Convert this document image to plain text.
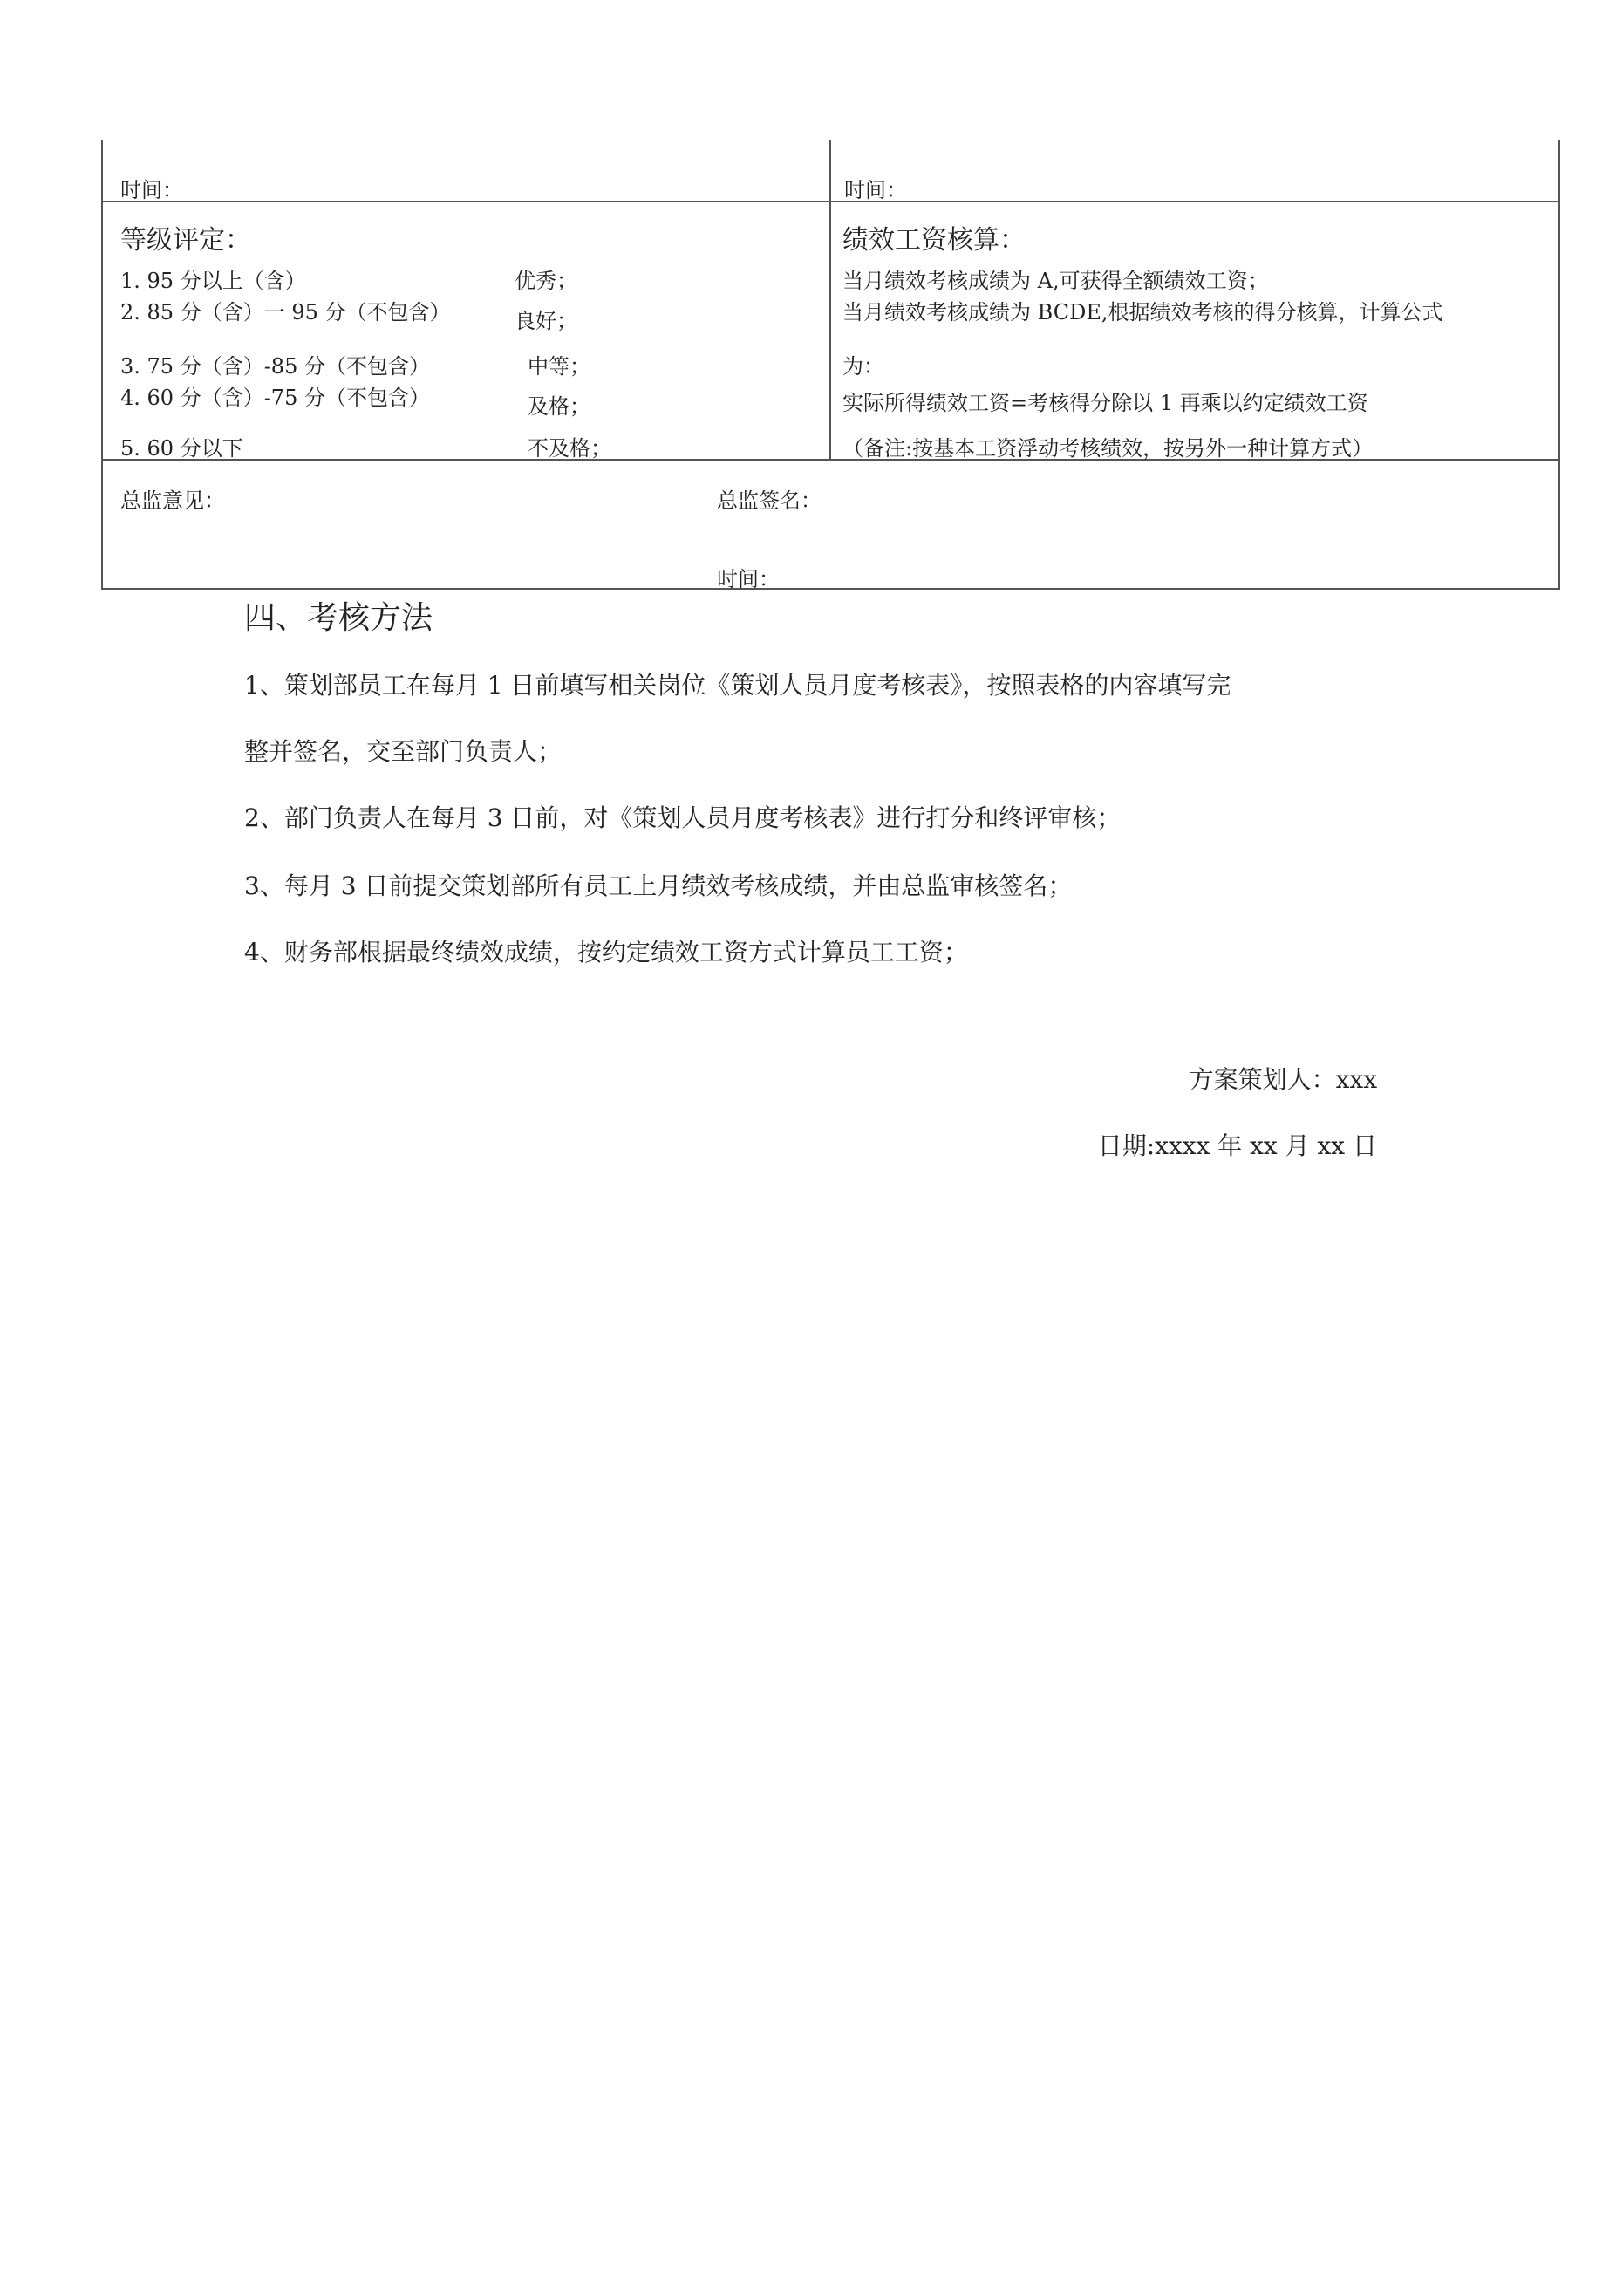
时间：	时间：
等级评定：
1. 95 分以上（含）	优秀；
2. 85 分（含）一 95 分（不包含）	良好；
3. 75 分（含）-85 分（不包含）	中等；
4. 60 分（含）-75 分（不包含）	及格；
5. 60 分以下	不及格；
绩效工资核算：
当月绩效考核成绩为 A,可获得全额绩效工资；
当月绩效考核成绩为 BCDE,根据绩效考核的得分核算，计算公式
为：
实际所得绩效工资=考核得分除以 1 再乘以约定绩效工资
（备注:按基本工资浮动考核绩效，按另外一种计算方式）
总监意见：	总监签名：
时间：
四、考核方法
1、策划部员工在每月 1 日前填写相关岗位《策划人员月度考核表》，按照表格的内容填写完
整并签名，交至部门负责人；
2、部门负责人在每月 3 日前，对《策划人员月度考核表》进行打分和终评审核；
3、每月 3 日前提交策划部所有员工上月绩效考核成绩，并由总监审核签名；
4、财务部根据最终绩效成绩，按约定绩效工资方式计算员工工资；
方案策划人：xxx
日期:xxxx 年 xx 月 xx 日
